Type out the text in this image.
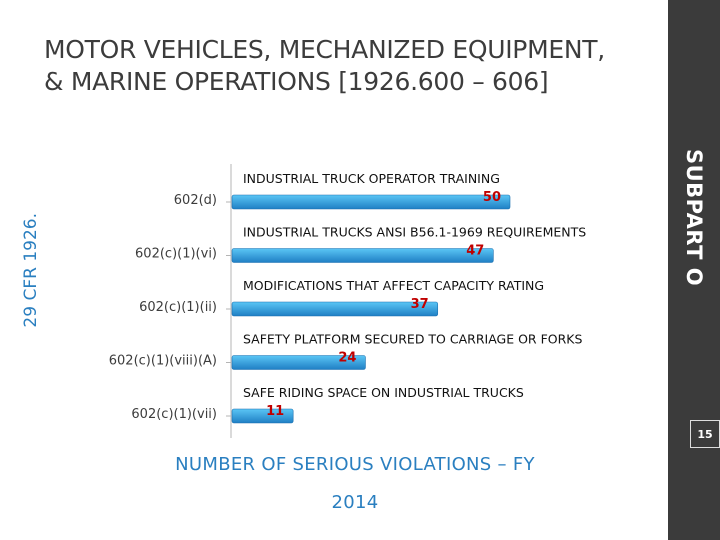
MOTOR VEHICLES, MECHANIZED EQUIPMENT,
& MARINE OPERATIONS [1926.600 – 606]
SUBPART O
29 CFR 1926.
602(d)
INDUSTRIAL TRUCK OPERATOR TRAINING
50
602(c)(1)(vi)
INDUSTRIAL TRUCKS ANSI B56.1-1969 REQUIREMENTS
47
602(c)(1)(ii)
MODIFICATIONS THAT AFFECT CAPACITY RATING
37
602(c)(1)(viii)(A)
SAFETY PLATFORM SECURED TO CARRIAGE OR FORKS
24
602(c)(1)(vii)
SAFE RIDING SPACE ON INDUSTRIAL TRUCKS
11
15
NUMBER OF SERIOUS VIOLATIONS – FY
2014
